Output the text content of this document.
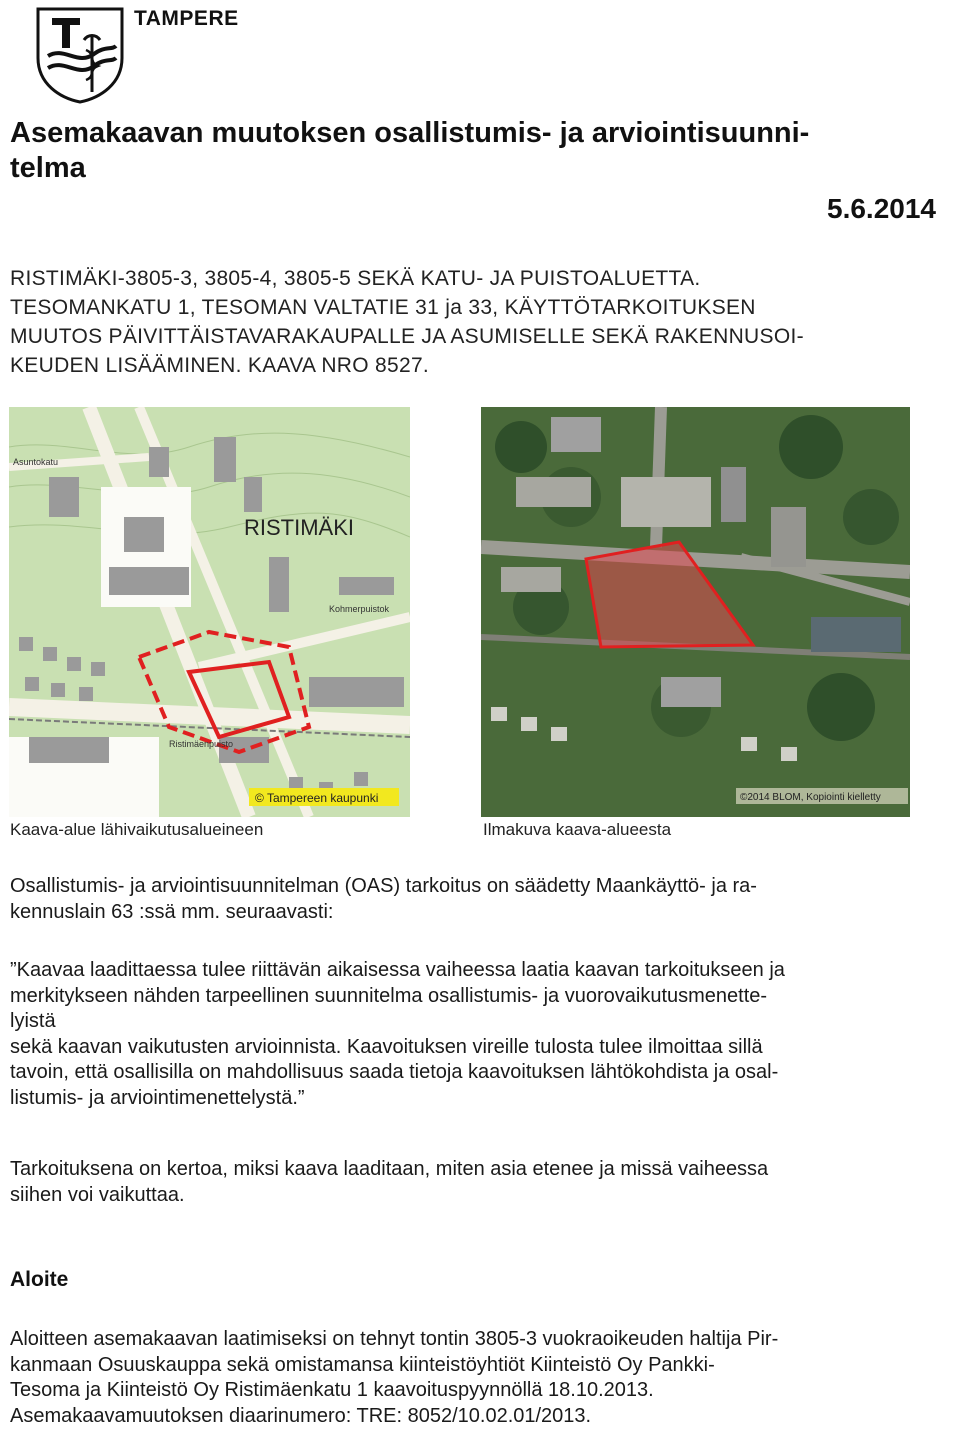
TAMPERE
Asemakaavan muutoksen osallistumis- ja arviointisuunni-
telma
5.6.2014

RISTIMÄKI-3805-3, 3805-4, 3805-5 SEKÄ KATU- JA PUISTOALUETTA.
TESOMANKATU 1, TESOMAN VALTATIE 31 ja 33, KÄYTTÖTARKOITUKSEN
MUUTOS PÄIVITTÄISTAVARAKAUPALLE JA ASUMISELLE SEKÄ RAKENNUSOI-
KEUDEN LISÄÄMINEN. KAAVA NRO 8527.

RISTIMÄKI
Asuntokatu
Kohmerpuistok
Ristimäenpuisto
© Tampereen kaupunki
Kaava-alue lähivaikutusalueineen
©2014 BLOM, Kopiointi kielletty
Ilmakuva kaava-alueesta

Osallistumis- ja arviointisuunnitelman (OAS) tarkoitus on säädetty Maankäyttö- ja ra-
kennuslain 63 :ssä mm. seuraavasti:

”Kaavaa laadittaessa tulee riittävän aikaisessa vaiheessa laatia kaavan tarkoitukseen ja
merkitykseen nähden tarpeellinen suunnitelma osallistumis- ja vuorovaikutusmenette-
lyistä
sekä kaavan vaikutusten arvioinnista. Kaavoituksen vireille tulosta tulee ilmoittaa sillä
tavoin, että osallisilla on mahdollisuus saada tietoja kaavoituksen lähtökohdista ja osal-
listumis- ja arviointimenettelystä.”

Tarkoituksena on kertoa, miksi kaava laaditaan, miten asia etenee ja missä vaiheessa
siihen voi vaikuttaa.

Aloite

Aloitteen asemakaavan laatimiseksi on tehnyt tontin 3805-3 vuokraoikeuden haltija Pir-
kanmaan Osuuskauppa sekä omistamansa kiinteistöyhtiöt Kiinteistö Oy Pankki-
Tesoma ja Kiinteistö Oy Ristimäenkatu 1 kaavoituspyynnöllä 18.10.2013.
Asemakaavamuutoksen diaarinumero: TRE: 8052/10.02.01/2013.
